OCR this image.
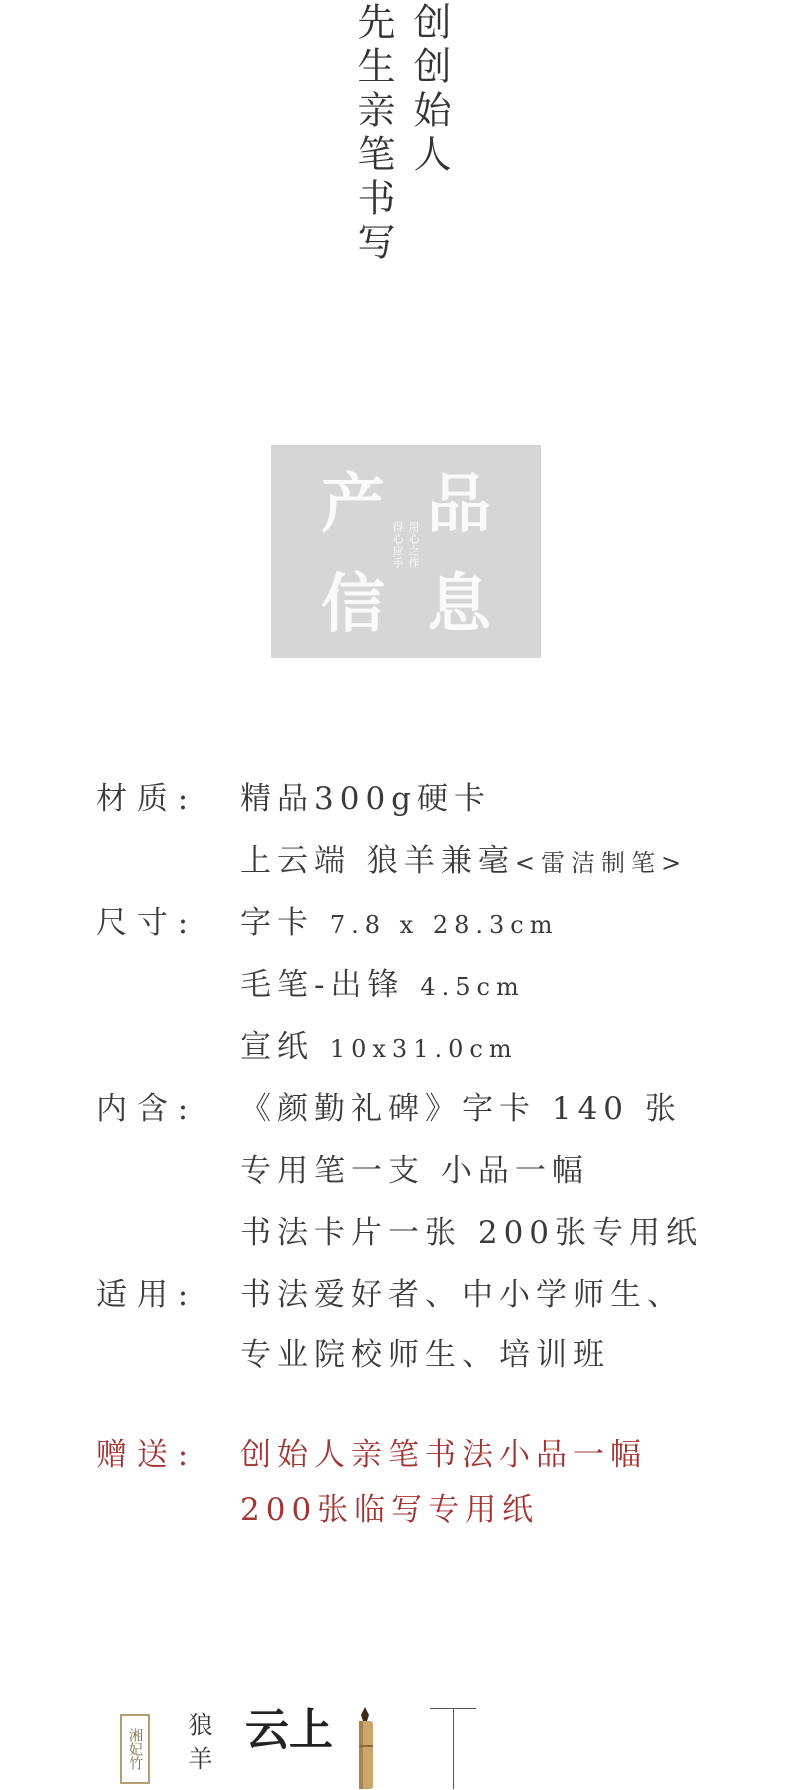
创创始人
先生亲笔书写
产 品
信 息
用心之作
得心应手
材 质 : 精品300g硬卡
上云端 狼羊兼毫<雷洁制笔>
尺 寸 : 字卡 7.8 x 28.3cm
毛笔-出锋 4.5cm
宣纸 10x31.0cm
内 含 : 《颜勤礼碑》字卡 140 张
专用笔一支 小品一幅
书法卡片一张 200张专用纸
适 用 : 书法爱好者、中小学师生、
专业院校师生、培训班
赠 送 : 创始人亲笔书法小品一幅
200张临写专用纸
湘妃竹 狼羊	上云
